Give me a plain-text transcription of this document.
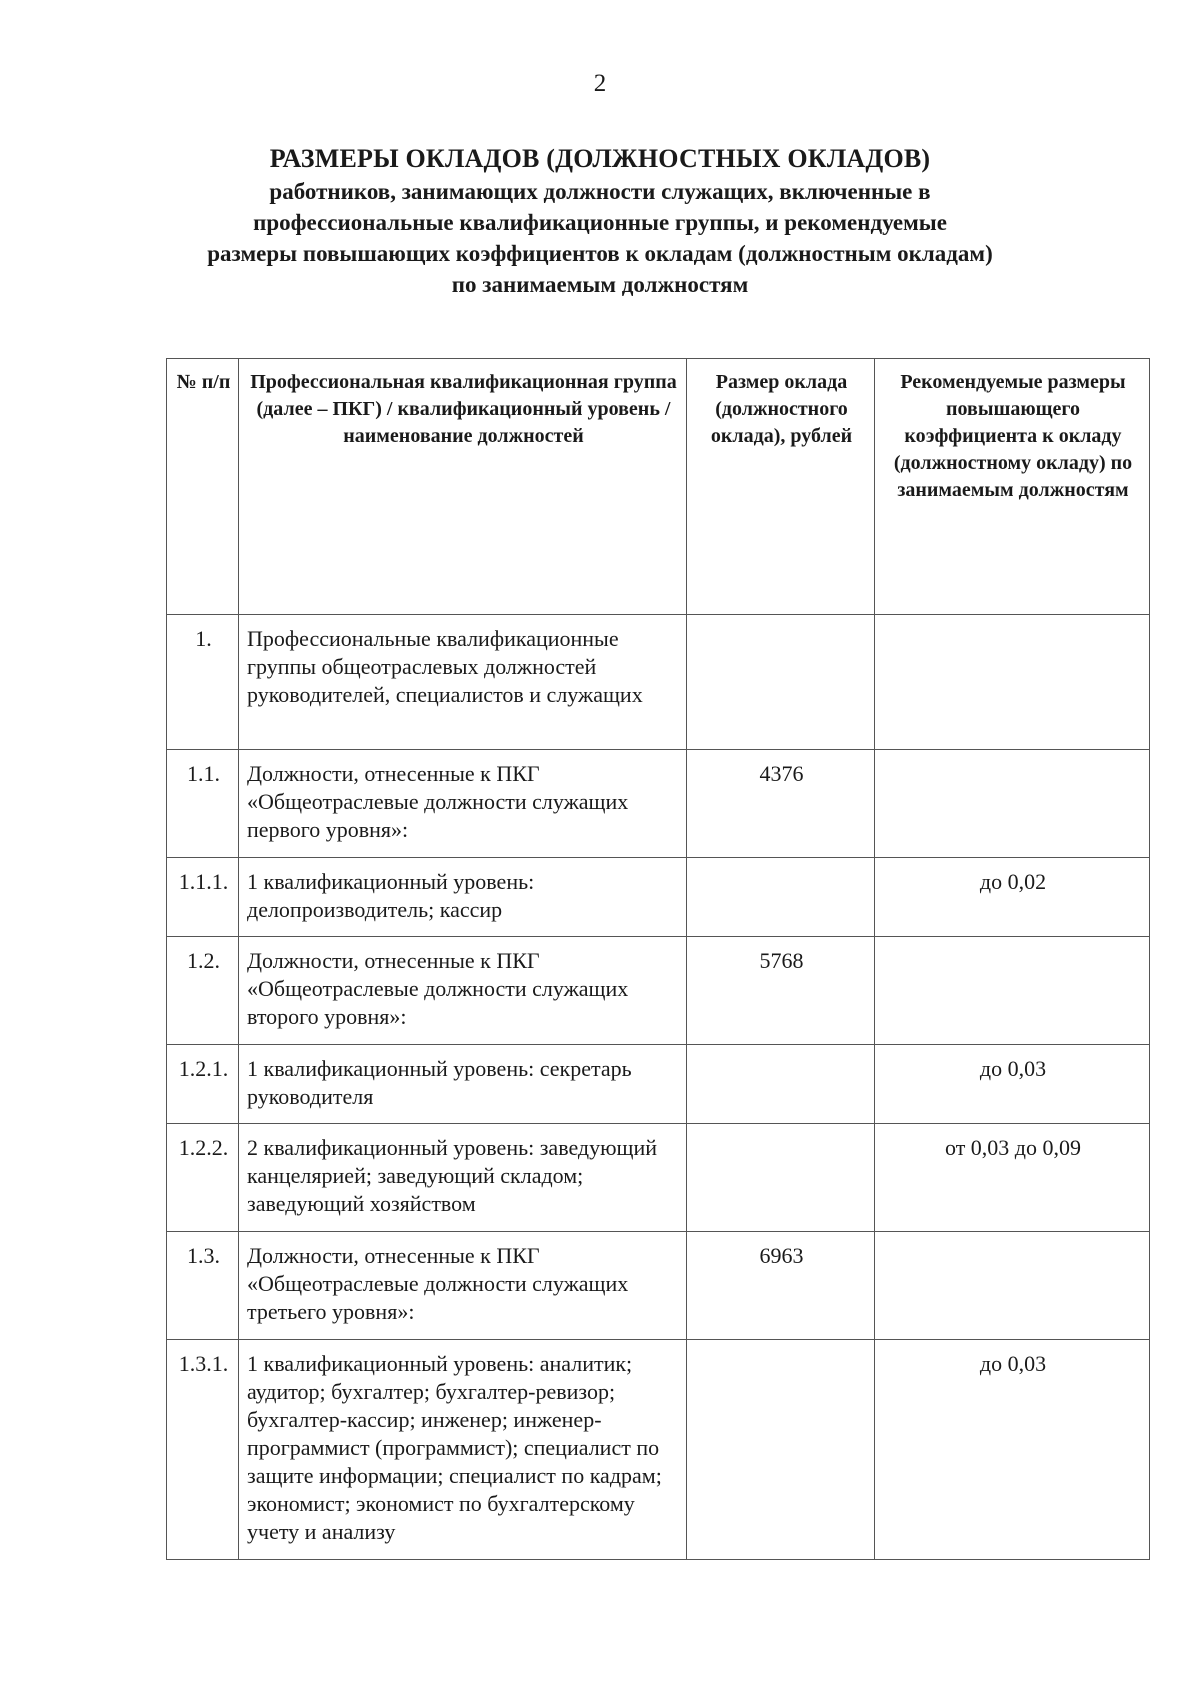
2
РАЗМЕРЫ ОКЛАДОВ (ДОЛЖНОСТНЫХ ОКЛАДОВ)
работников, занимающих должности служащих, включенные в
профессиональные квалификационные группы, и рекомендуемые
размеры повышающих коэффициентов к окладам (должностным окладам)
по занимаемым должностям
№ п/п	Профессиональная квалификационная группа (далее – ПКГ) / квалификационный уровень / наименование должностей	Размер оклада (должностного оклада), рублей	Рекомендуемые размеры повышающего коэффициента к окладу (должностному окладу) по занимаемым должностям
1.	Профессиональные квалификационные группы общеотраслевых должностей руководителей, специалистов и служащих		
1.1.	Должности, отнесенные к ПКГ «Общеотраслевые должности служащих первого уровня»:	4376	
1.1.1.	1 квалификационный уровень: делопроизводитель; кассир		до 0,02
1.2.	Должности, отнесенные к ПКГ «Общеотраслевые должности служащих второго уровня»:	5768	
1.2.1.	1 квалификационный уровень: секретарь руководителя		до 0,03
1.2.2.	2 квалификационный уровень: заведующий канцелярией; заведующий складом; заведующий хозяйством		от 0,03 до 0,09
1.3.	Должности, отнесенные к ПКГ «Общеотраслевые должности служащих третьего уровня»:	6963	
1.3.1.	1 квалификационный уровень: аналитик; аудитор; бухгалтер; бухгалтер-ревизор; бухгалтер-кассир; инженер; инженер-программист (программист); специалист по защите информации; специалист по кадрам; экономист; экономист по бухгалтерскому учету и анализу		до 0,03
